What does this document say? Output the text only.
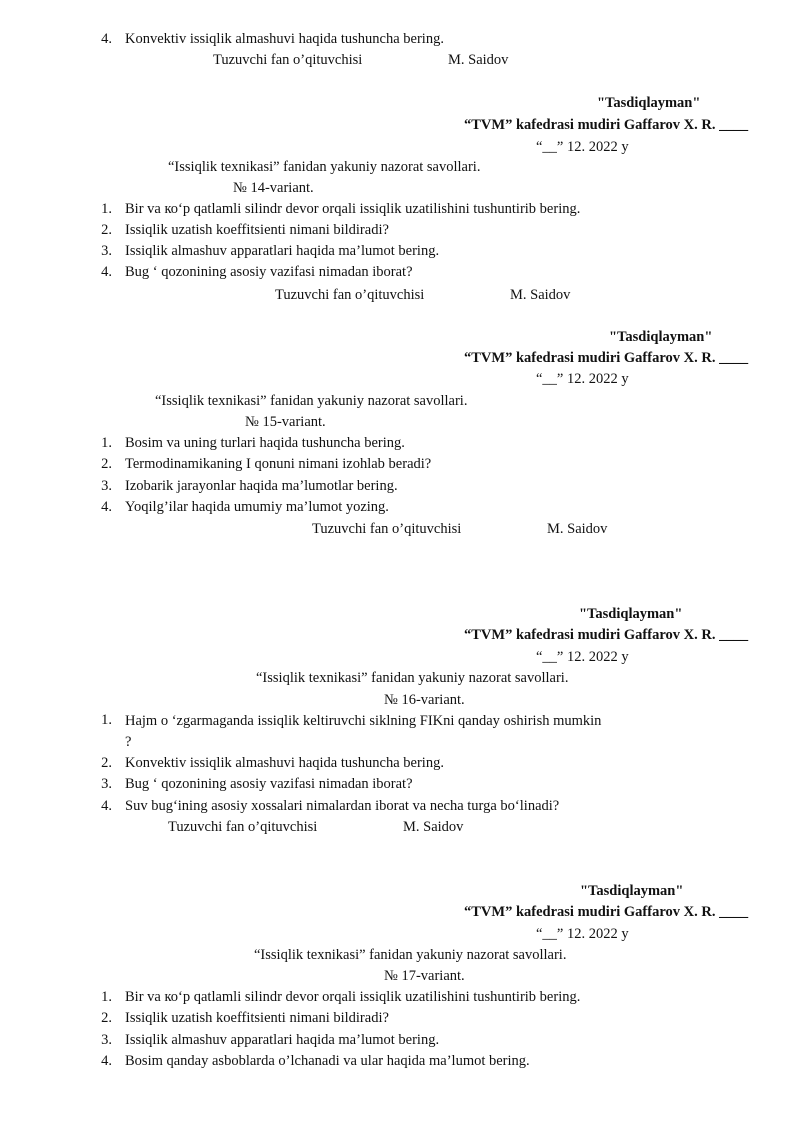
4. Konvektiv issiqlik almashuvi haqida tushuncha bering.
Tuzuvchi fan o’qituvchisi	M. Saidov
"Tasdiqlayman"
“TVM” kafedrasi mudiri Gaffarov X. R. ____
“__” 12. 2022 y
“Issiqlik texnikasi” fanidan yakuniy nazorat savollari.
№ 14-variant.
1. Bir va ко‘p qatlamli silindr devor orqali issiqlik uzatilishini tushuntirib bering.
2. Issiqlik uzatish koeffitsienti nimani bildiradi?
3. Issiqlik almashuv apparatlari haqida ma’lumot bering.
4. Bug ‘ qozonining asosiy vazifasi nimadan iborat?
Tuzuvchi fan o’qituvchisi	M. Saidov
"Tasdiqlayman"
“TVM” kafedrasi mudiri Gaffarov X. R. ____
“__” 12. 2022 y
“Issiqlik texnikasi” fanidan yakuniy nazorat savollari.
№ 15-variant.
1. Bosim va uning turlari haqida tushuncha bering.
2. Termodinamikaning I qonuni nimani izohlab beradi?
3. Izobarik jarayonlar haqida ma’lumotlar bering.
4. Yoqilg’ilar haqida umumiy ma’lumot yozing.
Tuzuvchi fan o’qituvchisi	M. Saidov
"Tasdiqlayman"
“TVM” kafedrasi mudiri Gaffarov X. R. ____
“__” 12. 2022 y
“Issiqlik texnikasi” fanidan yakuniy nazorat savollari.
№ 16-variant.
1. Hajm o ‘zgarmaganda issiqlik keltiruvchi siklning FIKni qanday oshirish mumkin ?
2. Konvektiv issiqlik almashuvi haqida tushuncha bering.
3. Bug ‘ qozonining asosiy vazifasi nimadan iborat?
4. Suv bug‘ining asosiy xossalari nimalardan iborat va necha turga bo‘linadi?
Tuzuvchi fan o’qituvchisi	M. Saidov
"Tasdiqlayman"
“TVM” kafedrasi mudiri Gaffarov X. R. ____
“__” 12. 2022 y
“Issiqlik texnikasi” fanidan yakuniy nazorat savollari.
№ 17-variant.
1. Bir va ко‘p qatlamli silindr devor orqali issiqlik uzatilishini tushuntirib bering.
2. Issiqlik uzatish koeffitsienti nimani bildiradi?
3. Issiqlik almashuv apparatlari haqida ma’lumot bering.
4. Bosim qanday asboblarda o’lchanadi va ular haqida ma’lumot bering.
